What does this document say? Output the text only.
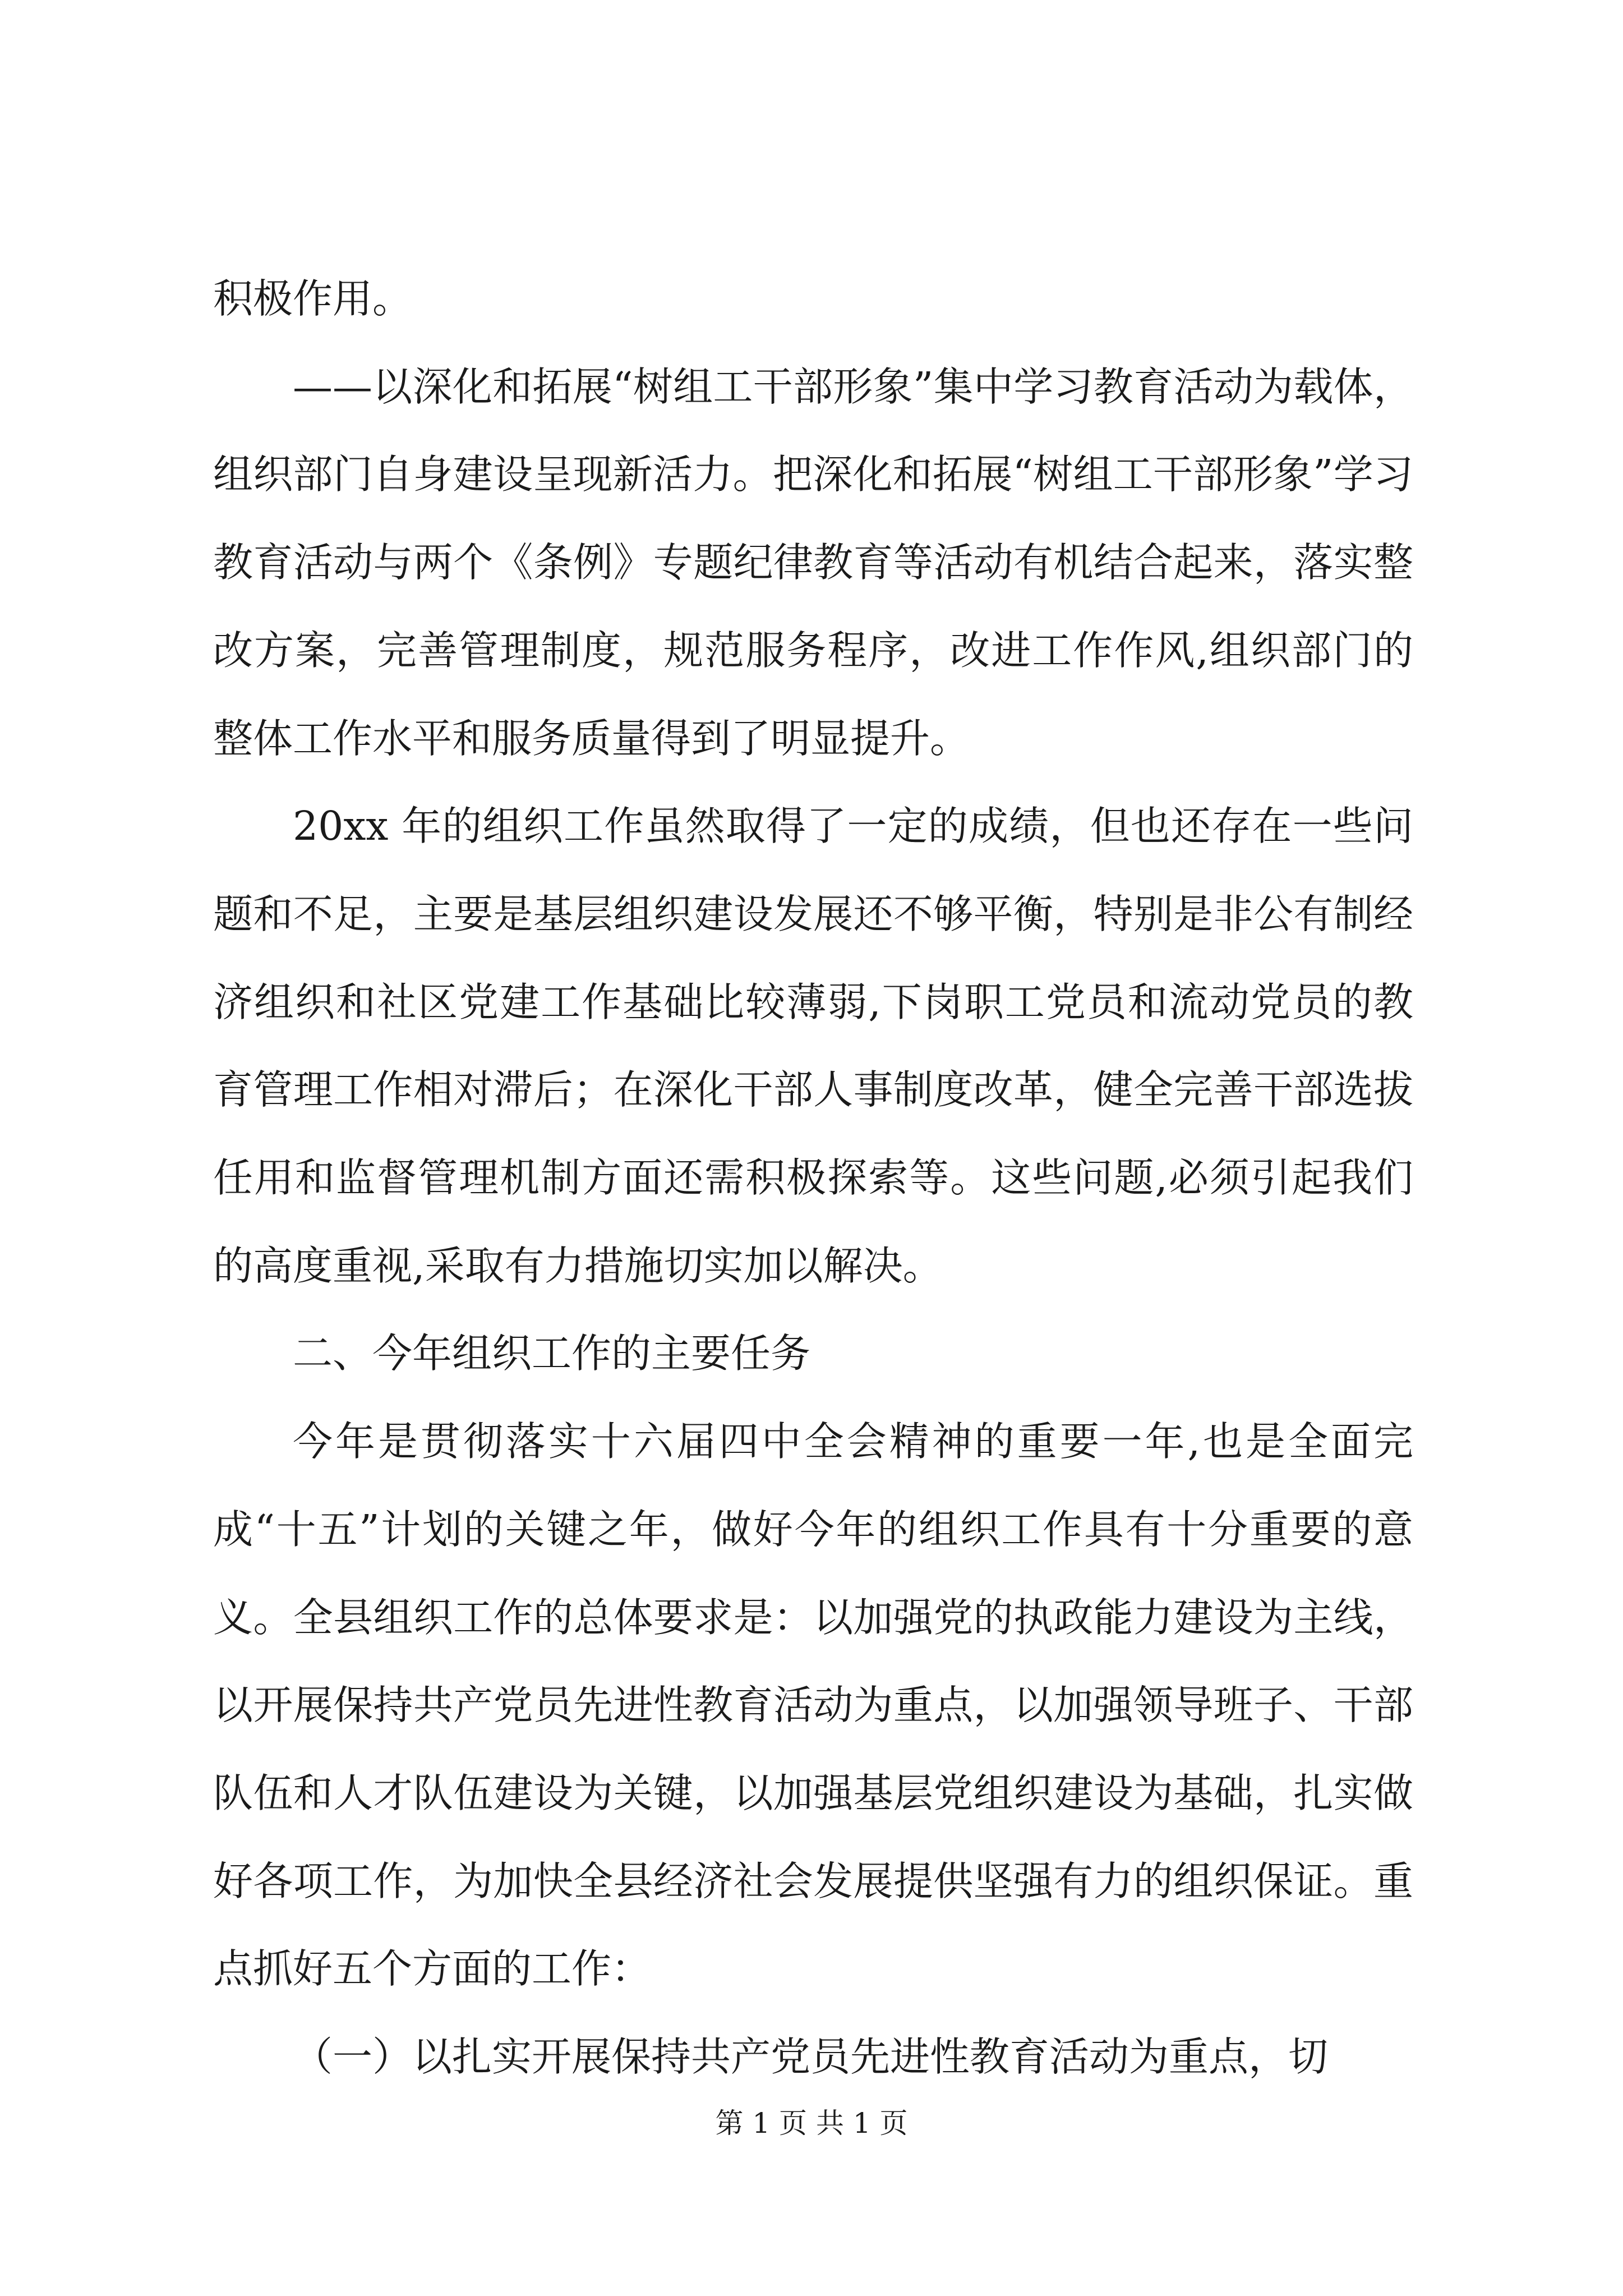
积极作用。

——以深化和拓展“树组工干部形象”集中学习教育活动为载体，组织部门自身建设呈现新活力。把深化和拓展“树组工干部形象”学习教育活动与两个《条例》专题纪律教育等活动有机结合起来，落实整改方案，完善管理制度，规范服务程序，改进工作作风,组织部门的整体工作水平和服务质量得到了明显提升。

20xx 年的组织工作虽然取得了一定的成绩，但也还存在一些问题和不足，主要是基层组织建设发展还不够平衡，特别是非公有制经济组织和社区党建工作基础比较薄弱,下岗职工党员和流动党员的教育管理工作相对滞后；在深化干部人事制度改革，健全完善干部选拔任用和监督管理机制方面还需积极探索等。这些问题,必须引起我们的高度重视,采取有力措施切实加以解决。

二、今年组织工作的主要任务

今年是贯彻落实十六届四中全会精神的重要一年,也是全面完成“十五”计划的关键之年，做好今年的组织工作具有十分重要的意义。全县组织工作的总体要求是：以加强党的执政能力建设为主线，以开展保持共产党员先进性教育活动为重点，以加强领导班子、干部队伍和人才队伍建设为关键，以加强基层党组织建设为基础，扎实做好各项工作，为加快全县经济社会发展提供坚强有力的组织保证。重点抓好五个方面的工作：

（一）以扎实开展保持共产党员先进性教育活动为重点，切

第 1 页 共 1 页
